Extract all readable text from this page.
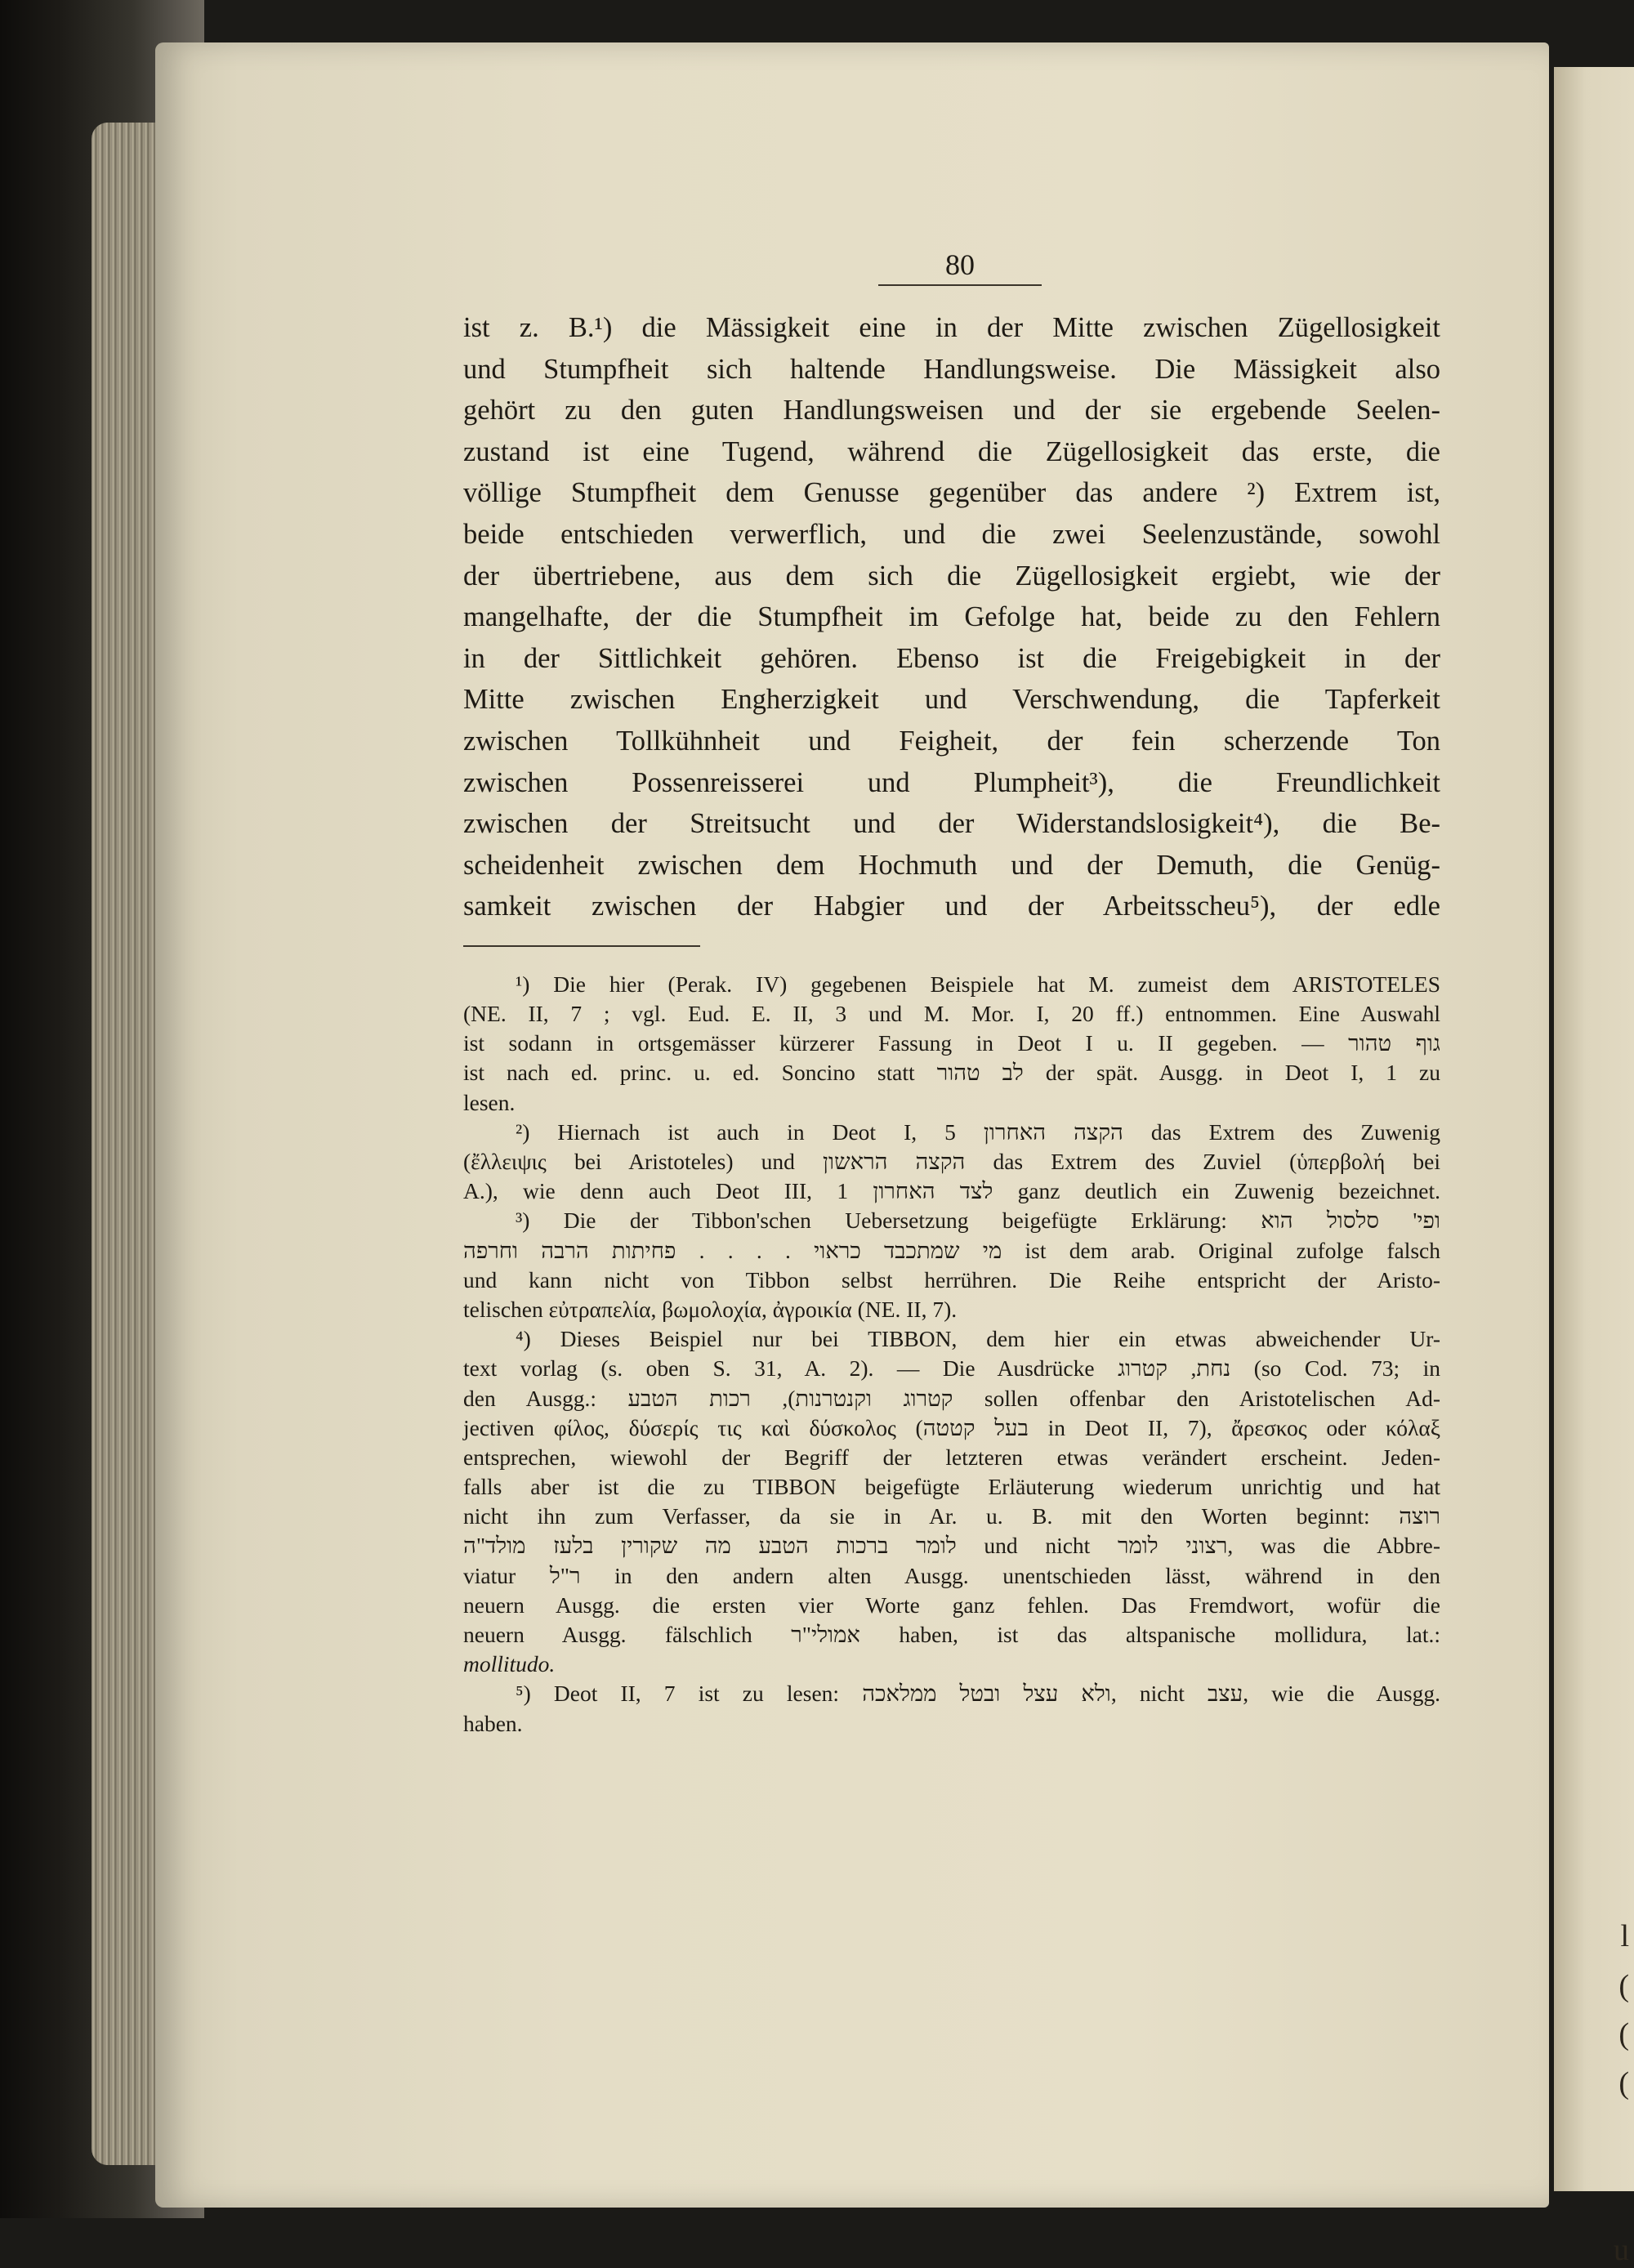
l
(
(
(
u
80
ist z. B.¹) die Mässigkeit eine in der Mitte zwischen Zügellosigkeit
und Stumpfheit sich haltende Handlungsweise. Die Mässigkeit also
gehört zu den guten Handlungsweisen und der sie ergebende Seelen-
zustand ist eine Tugend, während die Zügellosigkeit das erste, die
völlige Stumpfheit dem Genusse gegenüber das andere ²) Extrem ist,
beide entschieden verwerflich, und die zwei Seelenzustände, sowohl
der übertriebene, aus dem sich die Zügellosigkeit ergiebt, wie der
mangelhafte, der die Stumpfheit im Gefolge hat, beide zu den Fehlern
in der Sittlichkeit gehören. Ebenso ist die Freigebigkeit in der
Mitte zwischen Engherzigkeit und Verschwendung, die Tapferkeit
zwischen Tollkühnheit und Feigheit, der fein scherzende Ton
zwischen Possenreisserei und Plumpheit³), die Freundlichkeit
zwischen der Streitsucht und der Widerstandslosigkeit⁴), die Be-
scheidenheit zwischen dem Hochmuth und der Demuth, die Genüg-
samkeit zwischen der Habgier und der Arbeitsscheu⁵), der edle
¹) Die hier (Perak. IV) gegebenen Beispiele hat M. zumeist dem ARISTOTELES
(NE. II, 7 ; vgl. Eud. E. II, 3 und M. Mor. I, 20 ff.) entnommen. Eine Auswahl
ist sodann in ortsgemässer kürzerer Fassung in Deot I u. II gegeben. — גוף טהור
ist nach ed. princ. u. ed. Soncino statt לב טהור der spät. Ausgg. in Deot I, 1 zu
lesen.
²) Hiernach ist auch in Deot I, 5 הקצה האחרון das Extrem des Zuwenig
(ἔλλειψις bei Aristoteles) und הקצה הראשון das Extrem des Zuviel (ὑπερβολή bei
A.), wie denn auch Deot III, 1 לצד האחרון ganz deutlich ein Zuwenig bezeichnet.
³) Die der Tibbon'schen Uebersetzung beigefügte Erklärung: ופי' סלסול הוא
מי שמתכבד כראוי . . . . פחיתות הרבה וחרפה ist dem arab. Original zufolge falsch
und kann nicht von Tibbon selbst herrühren. Die Reihe entspricht der Aristo-
telischen εὐτραπελία, βωμολοχία, ἀγροικία (NE. II, 7).
⁴) Dieses Beispiel nur bei TIBBON, dem hier ein etwas abweichender Ur-
text vorlag (s. oben S. 31, A. 2). — Die Ausdrücke נחת, קטרוג (so Cod. 73; in
den Ausgg.: קטרוג וקנטרנות), רכות הטבע sollen offenbar den Aristotelischen Ad-
jectiven φίλος, δύσερίς τις καὶ δύσκολος (בעל קטטה in Deot II, 7), ἄρεσκος oder κόλαξ
entsprechen, wiewohl der Begriff der letzteren etwas verändert erscheint. Jeden-
falls aber ist die zu TIBBON beigefügte Erläuterung wiederum unrichtig und hat
nicht ihn zum Verfasser, da sie in Ar. u. B. mit den Worten beginnt: רוצה
לומר ברכות הטבע מה שקורין בלעז מולד"ה und nicht רצוני לומר, was die Abbre-
viatur ר"ל in den andern alten Ausgg. unentschieden lässt, während in den
neuern Ausgg. die ersten vier Worte ganz fehlen. Das Fremdwort, wofür die
neuern Ausgg. fälschlich אמולי"ר haben, ist das altspanische mollidura, lat.:
mollitudo.
⁵) Deot II, 7 ist zu lesen: ולא עצל ובטל ממלאכה, nicht עצב, wie die Ausgg.
haben.
